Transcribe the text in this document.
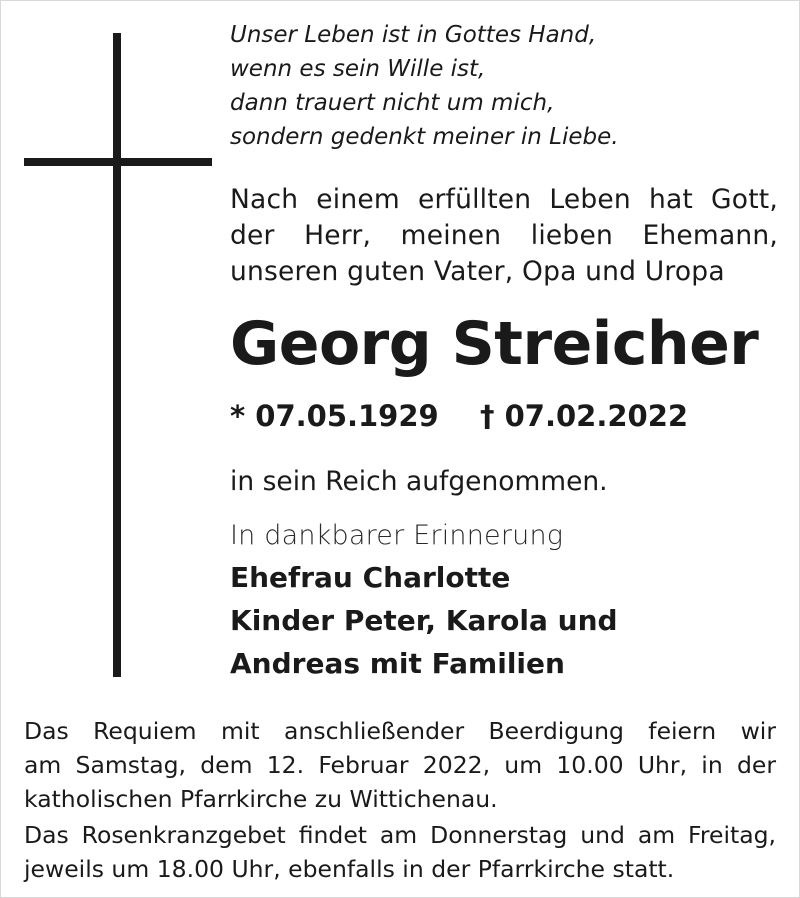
Unser Leben ist in Gottes Hand,
wenn es sein Wille ist,
dann trauert nicht um mich,
sondern gedenkt meiner in Liebe.
Nach einem erfüllten Leben hat Gott,
der Herr, meinen lieben Ehemann,
unseren guten Vater, Opa und Uropa
Georg Streicher
* 07.05.1929 † 07.02.2022
in sein Reich aufgenommen.
In dankbarer Erinnerung
Ehefrau Charlotte
Kinder Peter, Karola und
Andreas mit Familien
Das Requiem mit anschließender Beerdigung feiern wir
am Samstag, dem 12. Februar 2022, um 10.00 Uhr, in der
katholischen Pfarrkirche zu Wittichenau.
Das Rosenkranzgebet findet am Donnerstag und am Freitag,
jeweils um 18.00 Uhr, ebenfalls in der Pfarrkirche statt.
